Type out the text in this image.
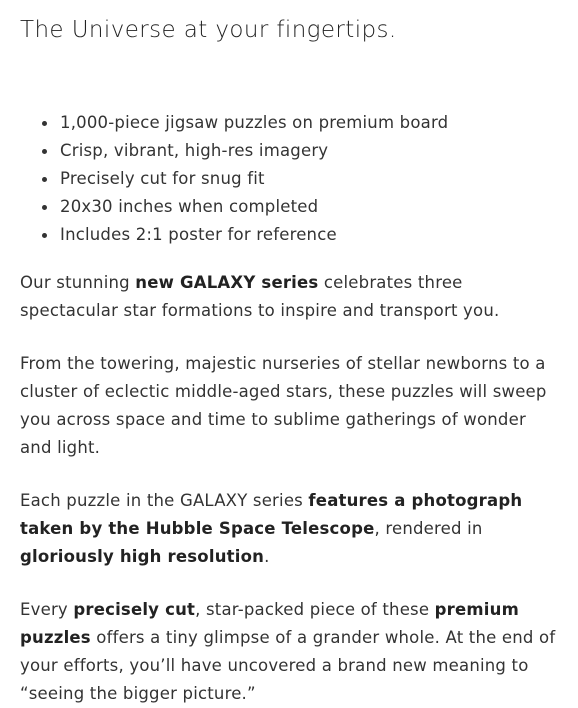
The Universe at your fingertips.
1,000-piece jigsaw puzzles on premium board
Crisp, vibrant, high-res imagery
Precisely cut for snug fit
20x30 inches when completed
Includes 2:1 poster for reference

Our stunning new GALAXY series celebrates three spectacular star formations to inspire and transport you.

From the towering, majestic nurseries of stellar newborns to a cluster of eclectic middle-aged stars, these puzzles will sweep you across space and time to sublime gatherings of wonder and light.

Each puzzle in the GALAXY series features a photograph taken by the Hubble Space Telescope, rendered in gloriously high resolution.

Every precisely cut, star-packed piece of these premium puzzles offers a tiny glimpse of a grander whole. At the end of your efforts, you’ll have uncovered a brand new meaning to “seeing the bigger picture.”
